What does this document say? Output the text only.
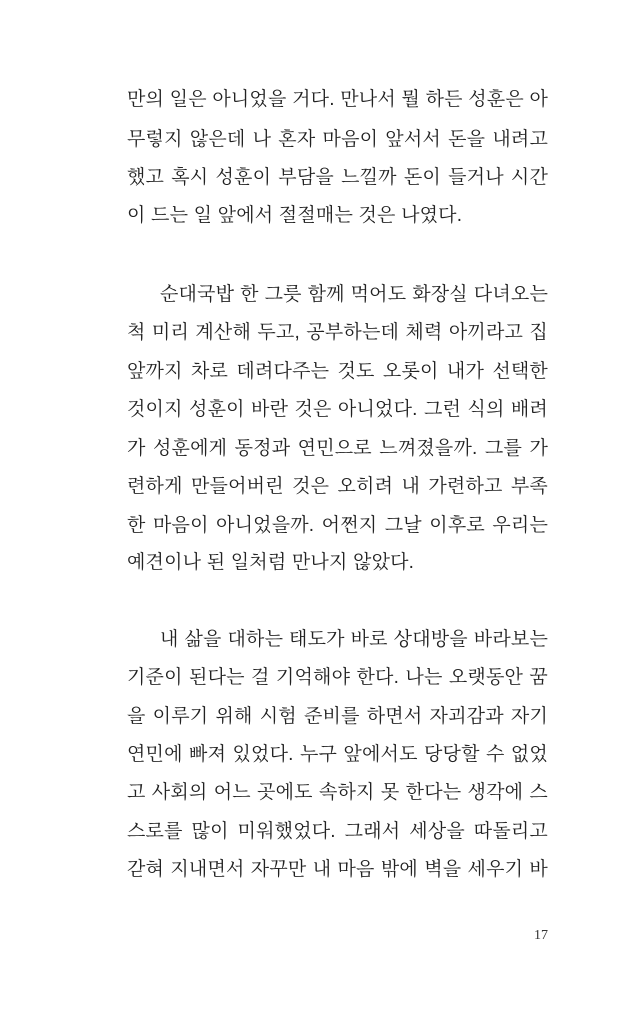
만의 일은 아니었을 거다. 만나서 뭘 하든 성훈은 아
무렇지 않은데 나 혼자 마음이 앞서서 돈을 내려고
했고 혹시 성훈이 부담을 느낄까 돈이 들거나 시간
이 드는 일 앞에서 절절매는 것은 나였다.
순대국밥 한 그릇 함께 먹어도 화장실 다녀오는
척 미리 계산해 두고, 공부하는데 체력 아끼라고 집
앞까지 차로 데려다주는 것도 오롯이 내가 선택한
것이지 성훈이 바란 것은 아니었다. 그런 식의 배려
가 성훈에게 동정과 연민으로 느껴졌을까. 그를 가
련하게 만들어버린 것은 오히려 내 가련하고 부족
한 마음이 아니었을까. 어쩐지 그날 이후로 우리는
예견이나 된 일처럼 만나지 않았다.
내 삶을 대하는 태도가 바로 상대방을 바라보는
기준이 된다는 걸 기억해야 한다. 나는 오랫동안 꿈
을 이루기 위해 시험 준비를 하면서 자괴감과 자기
연민에 빠져 있었다. 누구 앞에서도 당당할 수 없었
고 사회의 어느 곳에도 속하지 못 한다는 생각에 스
스로를 많이 미워했었다. 그래서 세상을 따돌리고
갇혀 지내면서 자꾸만 내 마음 밖에 벽을 세우기 바
17
